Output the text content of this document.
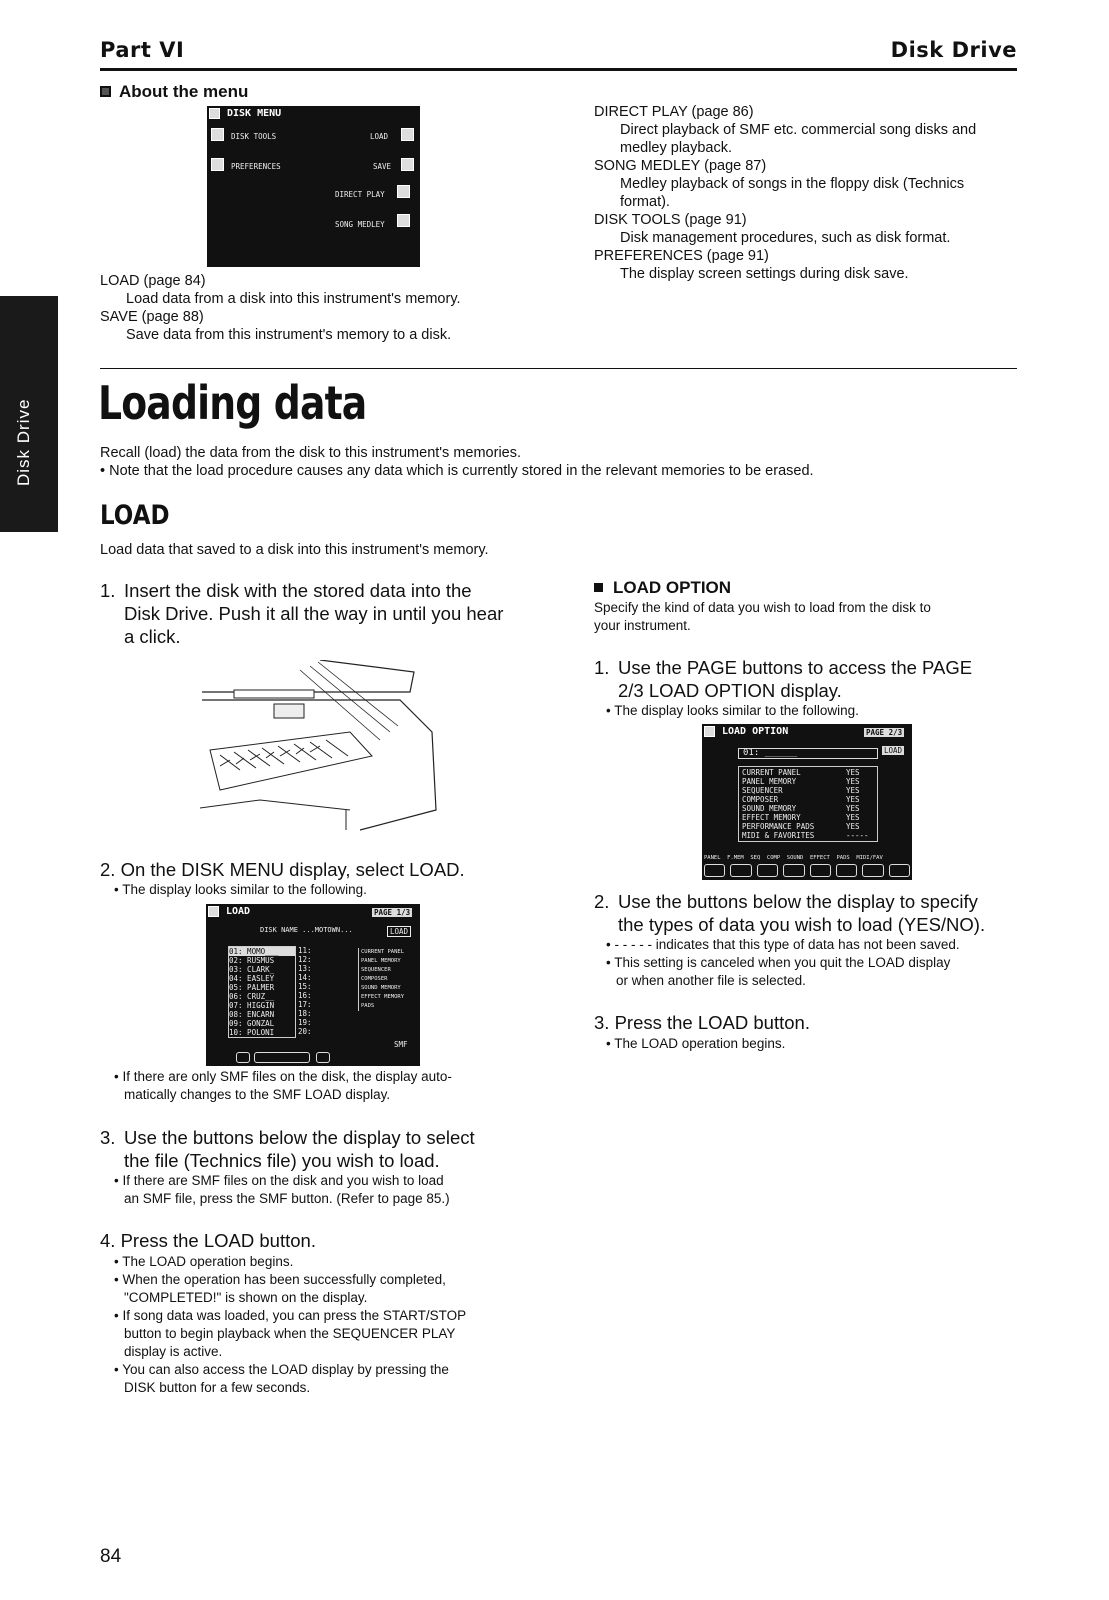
Part VI	Disk Drive
Disk Drive
About the menu
DISK MENU
DISK TOOLS	LOAD
PREFERENCES	SAVE
DIRECT PLAY
SONG MEDLEY
LOAD (page 84)
Load data from a disk into this instrument's memory.
SAVE (page 88)
Save data from this instrument's memory to a disk.
DIRECT PLAY (page 86)
Direct playback of SMF etc. commercial song disks and
medley playback.
SONG MEDLEY (page 87)
Medley playback of songs in the floppy disk (Technics
format).
DISK TOOLS (page 91)
Disk management procedures, such as disk format.
PREFERENCES (page 91)
The display screen settings during disk save.
Loading data
Recall (load) the data from the disk to this instrument's memories.
• Note that the load procedure causes any data which is currently stored in the relevant memories to be erased.
LOAD
Load data that saved to a disk into this instrument's memory.
1. Insert the disk with the stored data into the
Disk Drive. Push it all the way in until you hear
a click.
2. On the DISK MENU display, select LOAD.
• The display looks similar to the following.
LOAD	PAGE 1/3
DISK NAME ...MOTOWN...	LOAD
01: MOMO___
02: RUSMUS
03: CLARK_
04: EASLEY
05: PALMER
06: CRUZ__
07: HIGGIN
08: ENCARN
09: GONZAL
10: POLONI
11:
12:
13:
14:
15:
16:
17:
18:
19:
20:
CURRENT PANEL
PANEL MEMORY
SEQUENCER
COMPOSER
SOUND MEMORY
EFFECT MEMORY
PADS
SMF
• If there are only SMF files on the disk, the display auto-
matically changes to the SMF LOAD display.
3. Use the buttons below the display to select
the file (Technics file) you wish to load.
• If there are SMF files on the disk and you wish to load
an SMF file, press the SMF button. (Refer to page 85.)
4. Press the LOAD button.
• The LOAD operation begins.
• When the operation has been successfully completed,
"COMPLETED!" is shown on the display.
• If song data was loaded, you can press the START/STOP
button to begin playback when the SEQUENCER PLAY
display is active.
• You can also access the LOAD display by pressing the
DISK button for a few seconds.
LOAD OPTION
Specify the kind of data you wish to load from the disk to
your instrument.
1. Use the PAGE buttons to access the PAGE
2/3 LOAD OPTION display.
• The display looks similar to the following.
LOAD OPTION	PAGE 2/3
01: ______	LOAD
CURRENT PANEL	YES
PANEL MEMORY	YES
SEQUENCER	YES
COMPOSER	YES
SOUND MEMORY	YES
EFFECT MEMORY	YES
PERFORMANCE PADS	YES
MIDI & FAVORITES	-----
PANEL  F.MEM  SEQ  COMP  SOUND  EFFECT  PADS  MIDI/FAV
2. Use the buttons below the display to specify
the types of data you wish to load (YES/NO).
• - - - - - indicates that this type of data has not been saved.
• This setting is canceled when you quit the LOAD display
or when another file is selected.
3. Press the LOAD button.
• The LOAD operation begins.
84
